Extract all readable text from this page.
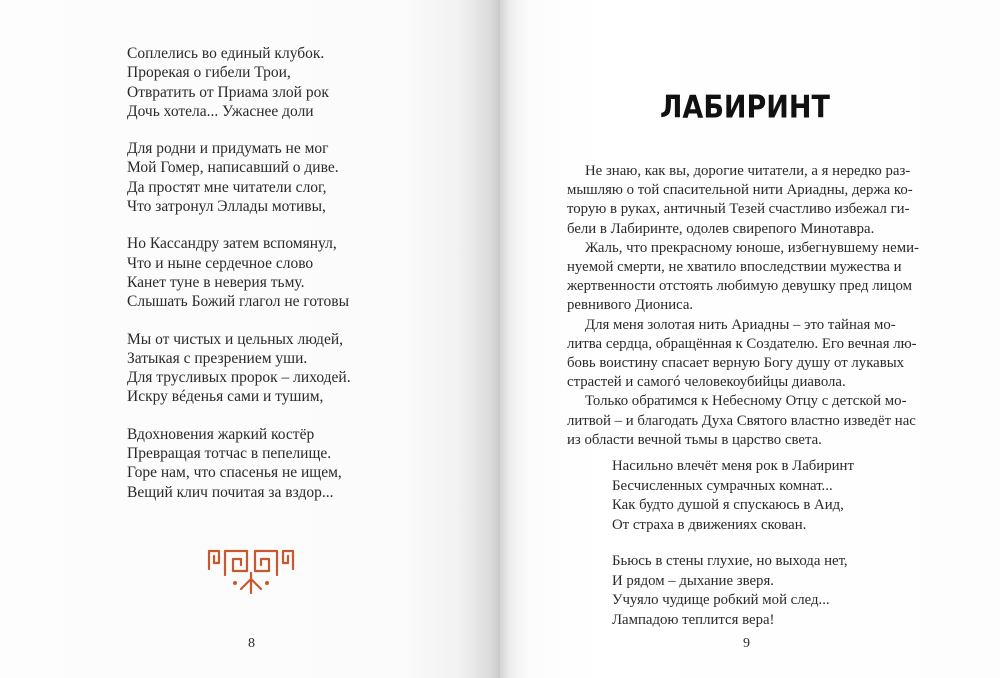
Соплелись во единый клубок.
Прорекая о гибели Трои,
Отвратить от Приама злой рок
Дочь хотела... Ужаснее доли
Для родни и придумать не мог
Мой Гомер, написавший о диве.
Да простят мне читатели слог,
Что затронул Эллады мотивы,
Но Кассандру затем вспомянул,
Что и ныне сердечное слово
Канет туне в неверия тьму.
Слышать Божий глагол не готовы
Мы от чистых и цельных людей,
Затыкая с презрением уши.
Для трусливых пророк – лиходей.
Искру вéденья сами и тушим,
Вдохновения жаркий костёр
Превращая тотчас в пепелище.
Горе нам, что спасенья не ищем,
Вещий клич почитая за вздор...
8
ЛАБИРИНТ
Не знаю, как вы, дорогие читатели, а я нередко раз-
мышляю о той спасительной нити Ариадны, держа ко-
торую в руках, античный Тезей счастливо избежал ги-
бели в Лабиринте, одолев свирепого Минотавра.
Жаль, что прекрасному юноше, избегнувшему неми-
нуемой смерти, не хватило впоследствии мужества и
жертвенности отстоять любимую девушку пред лицом
ревнивого Диониса.
Для меня золотая нить Ариадны – это тайная мо-
литва сердца, обращённая к Создателю. Его вечная лю-
бовь воистину спасает верную Богу душу от лукавых
страстей и самогó человекоубийцы диавола.
Только обратимся к Небесному Отцу с детской мо-
литвой – и благодать Духа Святого властно изведёт нас
из области вечной тьмы в царство света.
Насильно влечёт меня рок в Лабиринт
Бесчисленных сумрачных комнат...
Как будто душой я спускаюсь в Аид,
От страха в движениях скован.
Бьюсь в стены глухие, но выхода нет,
И рядом – дыхание зверя.
Учуяло чудище робкий мой след...
Лампадою теплится вера!
9
